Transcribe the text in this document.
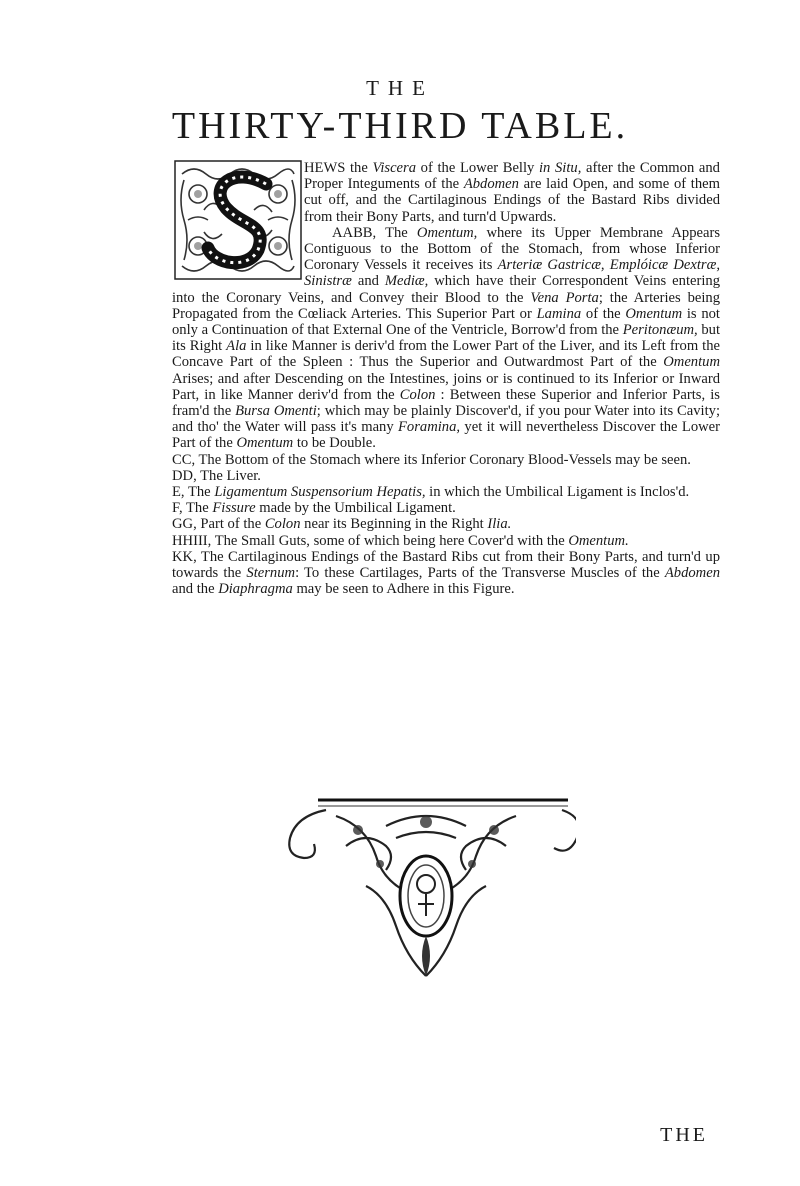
THE
THIRTY-THIRD TABLE.
S

HEWS the Viscera of the Lower Belly in Situ, after the Common and Proper Integuments of the Abdomen are laid Open, and some of them cut off, and the Cartilaginous Endings of the Bastard Ribs divided from their Bony Parts, and turn'd Upwards.

AABB, The Omentum, where its Upper Membrane Appears Contiguous to the Bottom of the Stomach, from whose Inferior Coronary Vessels it receives its Arteriæ Gastricæ, Emplóicæ Dextræ, Sinistræ and Mediæ, which have their Correspondent Veins entering into the Coronary Veins, and Convey their Blood to the Vena Porta; the Arteries being Propagated from the Cœliack Arteries. This Superior Part or Lamina of the Omentum is not only a Continuation of that External One of the Ventricle, Borrow'd from the Peritonæum, but its Right Ala in like Manner is deriv'd from the Lower Part of the Liver, and its Left from the Concave Part of the Spleen : Thus the Superior and Outwardmost Part of the Omentum Arises; and after Descending on the Intestines, joins or is continued to its Inferior or Inward Part, in like Manner deriv'd from the Colon : Between these Superior and Inferior Parts, is fram'd the Bursa Omenti; which may be plainly Discover'd, if you pour Water into its Cavity; and tho' the Water will pass it's many Foramina, yet it will nevertheless Discover the Lower Part of the Omentum to be Double.

CC, The Bottom of the Stomach where its Inferior Coronary Blood-Vessels may be seen.

DD, The Liver.

E, The Ligamentum Suspensorium Hepatis, in which the Umbilical Ligament is Inclos'd.

F, The Fissure made by the Umbilical Ligament.

GG, Part of the Colon near its Beginning in the Right Ilia.

HHIII, The Small Guts, some of which being here Cover'd with the Omentum.

KK, The Cartilaginous Endings of the Bastard Ribs cut from their Bony Parts, and turn'd up towards the Sternum: To these Cartilages, Parts of the Transverse Muscles of the Abdomen and the Diaphragma may be seen to Adhere in this Figure.

THE
